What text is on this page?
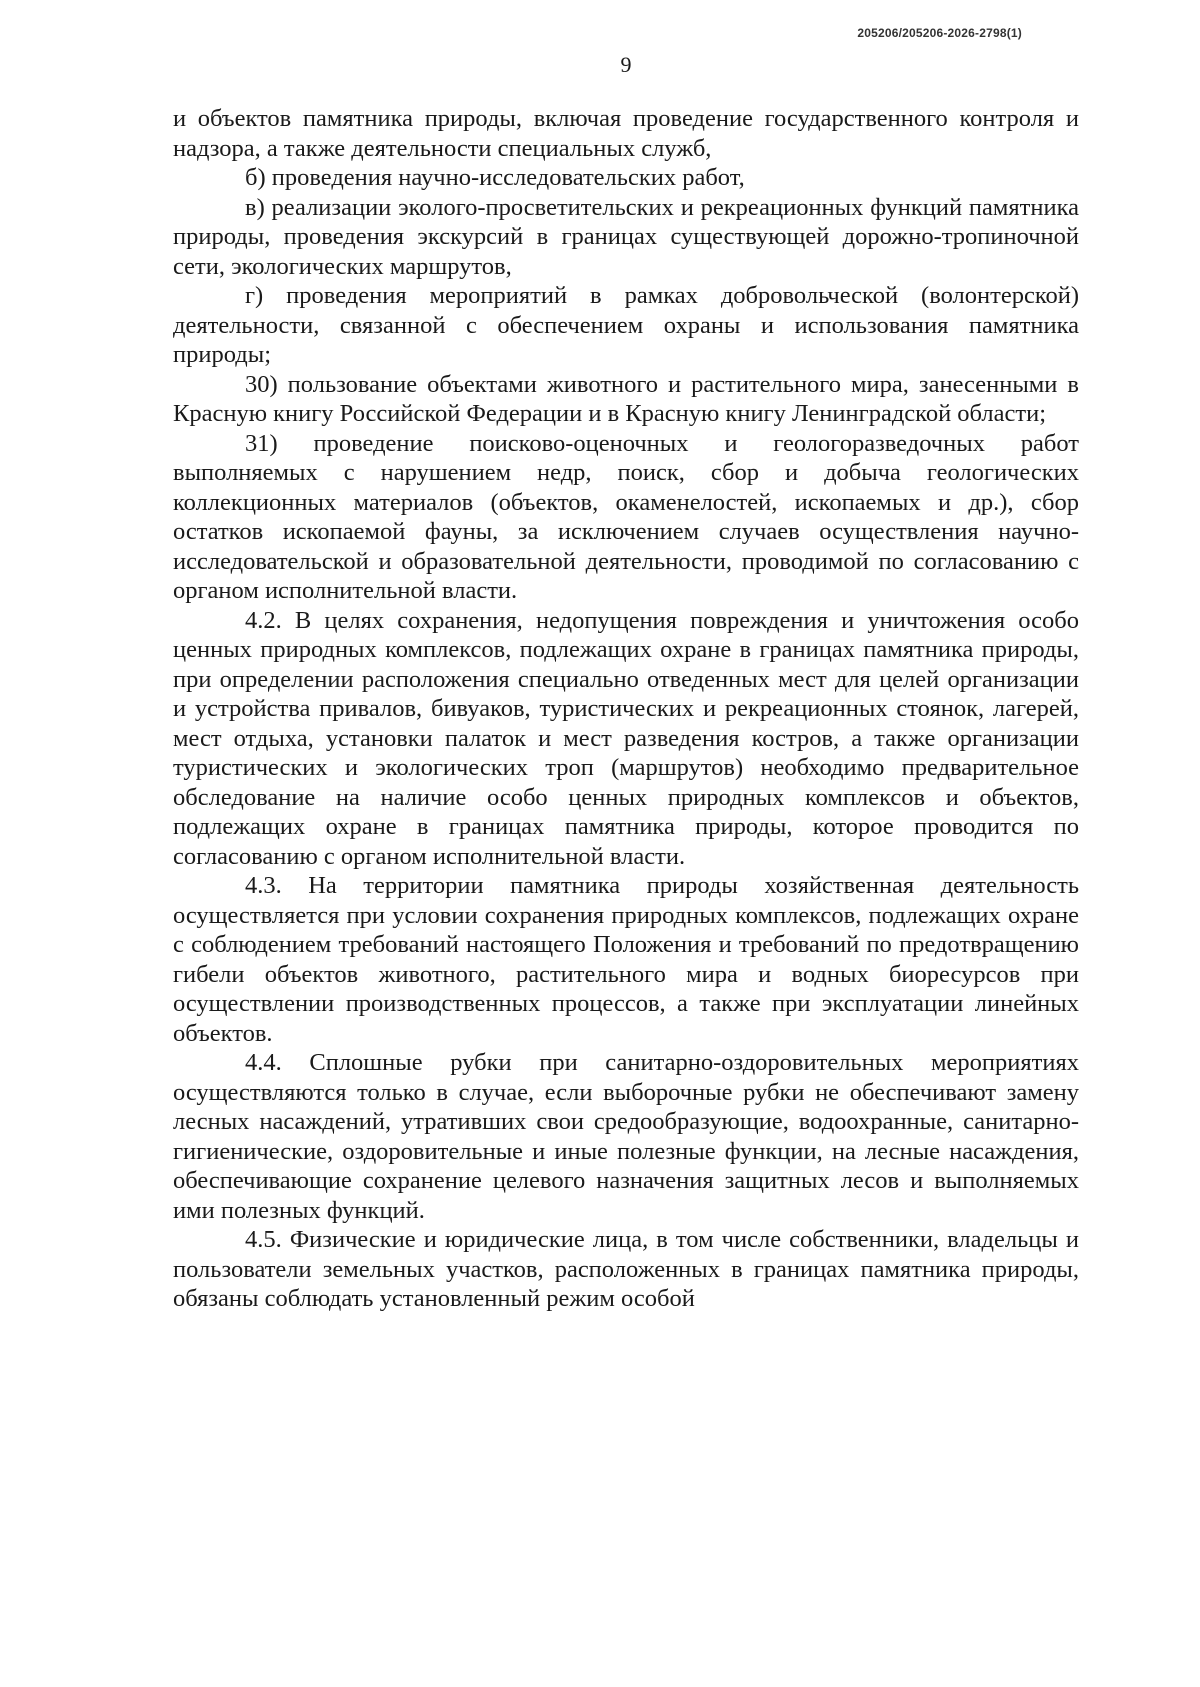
205206/205206-2026-2798(1)
9

и объектов памятника природы, включая проведение государственного контроля и надзора, а также деятельности специальных служб,

б) проведения научно-исследовательских работ,

в) реализации эколого-просветительских и рекреационных функций памятника природы, проведения экскурсий в границах существующей дорожно-тропиночной сети, экологических маршрутов,

г) проведения мероприятий в рамках добровольческой (волонтерской) деятельности, связанной с обеспечением охраны и использования памятника природы;

30) пользование объектами животного и растительного мира, занесенными в Красную книгу Российской Федерации и в Красную книгу Ленинградской области;

31) проведение поисково-оценочных и геологоразведочных работ выполняемых с нарушением недр, поиск, сбор и добыча геологических коллекционных материалов (объектов, окаменелостей, ископаемых и др.), сбор остатков ископаемой фауны, за исключением случаев осуществления научно-исследовательской и образовательной деятельности, проводимой по согласованию с органом исполнительной власти.

4.2. В целях сохранения, недопущения повреждения и уничтожения особо ценных природных комплексов, подлежащих охране в границах памятника природы, при определении расположения специально отведенных мест для целей организации и устройства привалов, бивуаков, туристических и рекреационных стоянок, лагерей, мест отдыха, установки палаток и мест разведения костров, а также организации туристических и экологических троп (маршрутов) необходимо предварительное обследование на наличие особо ценных природных комплексов и объектов, подлежащих охране в границах памятника природы, которое проводится по согласованию с органом исполнительной власти.

4.3. На территории памятника природы хозяйственная деятельность осуществляется при условии сохранения природных комплексов, подлежащих охране с соблюдением требований настоящего Положения и требований по предотвращению гибели объектов животного, растительного мира и водных биоресурсов при осуществлении производственных процессов, а также при эксплуатации линейных объектов.

4.4. Сплошные рубки при санитарно-оздоровительных мероприятиях осуществляются только в случае, если выборочные рубки не обеспечивают замену лесных насаждений, утративших свои средообразующие, водоохранные, санитарно-гигиенические, оздоровительные и иные полезные функции, на лесные насаждения, обеспечивающие сохранение целевого назначения защитных лесов и выполняемых ими полезных функций.

4.5. Физические и юридические лица, в том числе собственники, владельцы и пользователи земельных участков, расположенных в границах памятника природы, обязаны соблюдать установленный режим особой
